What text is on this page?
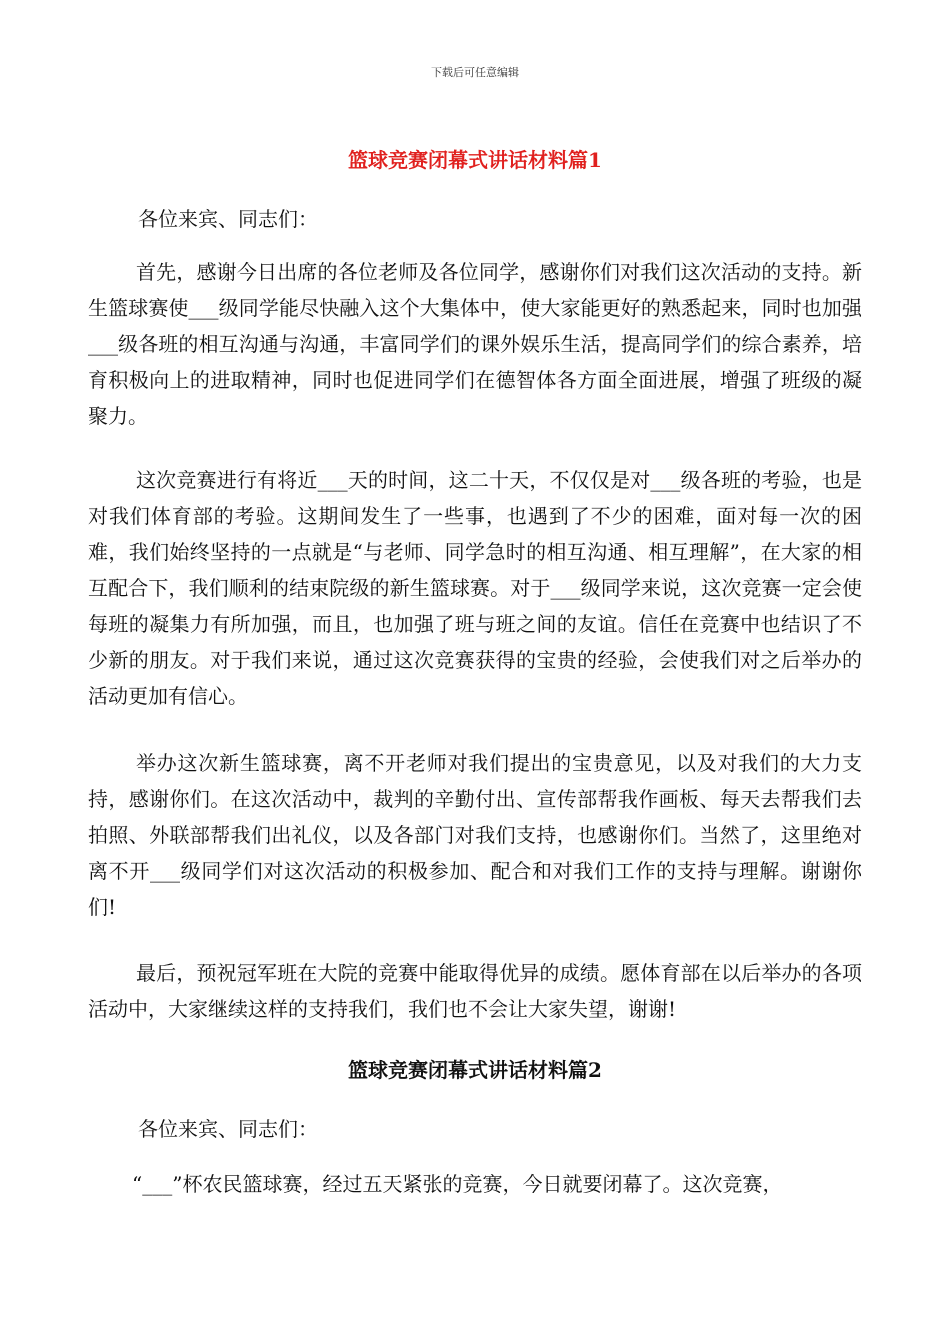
下载后可任意编辑
篮球竞赛闭幕式讲话材料篇1

各位来宾、同志们：

首先，感谢今日出席的各位老师及各位同学，感谢你们对我们这次活动的支持。新生篮球赛使___级同学能尽快融入这个大集体中，使大家能更好的熟悉起来，同时也加强___级各班的相互沟通与沟通，丰富同学们的课外娱乐生活，提高同学们的综合素养，培育积极向上的进取精神，同时也促进同学们在德智体各方面全面进展，增强了班级的凝聚力。

这次竞赛进行有将近___天的时间，这二十天，不仅仅是对___级各班的考验，也是对我们体育部的考验。这期间发生了一些事，也遇到了不少的困难，面对每一次的困难，我们始终坚持的一点就是“与老师、同学急时的相互沟通、相互理解”，在大家的相互配合下，我们顺利的结束院级的新生篮球赛。对于___级同学来说，这次竞赛一定会使每班的凝集力有所加强，而且，也加强了班与班之间的友谊。信任在竞赛中也结识了不少新的朋友。对于我们来说，通过这次竞赛获得的宝贵的经验，会使我们对之后举办的活动更加有信心。

举办这次新生篮球赛，离不开老师对我们提出的宝贵意见，以及对我们的大力支持，感谢你们。在这次活动中，裁判的辛勤付出、宣传部帮我作画板、每天去帮我们去拍照、外联部帮我们出礼仪，以及各部门对我们支持，也感谢你们。当然了，这里绝对离不开___级同学们对这次活动的积极参加、配合和对我们工作的支持与理解。谢谢你们!

最后，预祝冠军班在大院的竞赛中能取得优异的成绩。愿体育部在以后举办的各项活动中，大家继续这样的支持我们，我们也不会让大家失望，谢谢!

篮球竞赛闭幕式讲话材料篇2

各位来宾、同志们：

“___”杯农民篮球赛，经过五天紧张的竞赛，今日就要闭幕了。这次竞赛，
